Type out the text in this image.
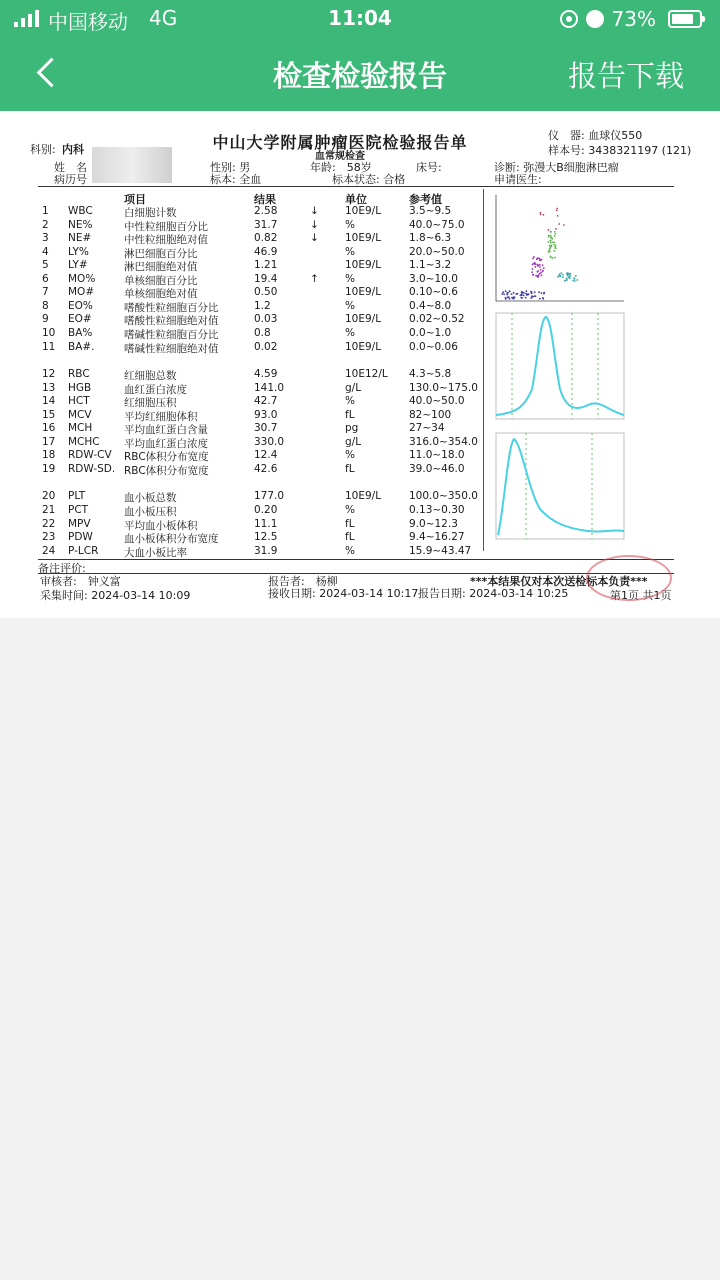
中国移动 4G	11:04	73%
检查检验报告	报告下载
中山大学附属肿瘤医院检验报告单
血常规检查
科别: 内科
姓　名
病历号
仪　器: 血球仪550
样本号: 3438321197 (121)
性别: 男	年龄:　58岁	床号:	诊断: 弥漫大B细胞淋巴瘤
标本: 全血	标本状态: 合格	申请医生:
项目	结果	单位	参考值
1 WBC	白细胞计数	2.58	↓ 10E9/L	3.5~9.5
2 NE%	中性粒细胞百分比	31.7	↓ %	40.0~75.0
3 NE#	中性粒细胞绝对值	0.82	↓ 10E9/L	1.8~6.3
4 LY%	淋巴细胞百分比	46.9	%	20.0~50.0
5 LY#	淋巴细胞绝对值	1.21	10E9/L	1.1~3.2
6 MO%	单核细胞百分比	19.4	↑ %	3.0~10.0
7 MO#	单核细胞绝对值	0.50	10E9/L	0.10~0.6
8 EO%	嗜酸性粒细胞百分比	1.2	%	0.4~8.0
9 EO#	嗜酸性粒细胞绝对值	0.03	10E9/L	0.02~0.52
10 BA%	嗜碱性粒细胞百分比	0.8	%	0.0~1.0
11 BA#.	嗜碱性粒细胞绝对值	0.02	10E9/L	0.0~0.06
12 RBC	红细胞总数	4.59	10E12/L 4.3~5.8
13 HGB	血红蛋白浓度	141.0	g/L	130.0~175.0
14 HCT	红细胞压积	42.7	%	40.0~50.0
15 MCV	平均红细胞体积	93.0	fL	82~100
16 MCH	平均血红蛋白含量	30.7	pg	27~34
17 MCHC 平均血红蛋白浓度	330.0	g/L	316.0~354.0
18 RDW-CV RBC体积分布宽度	12.4	%	11.0~18.0
19 RDW-SD. RBC体积分布宽度	42.6	fL	39.0~46.0
20 PLT	血小板总数	177.0	10E9/L	100.0~350.0
21 PCT	血小板压积	0.20	%	0.13~0.30
22 MPV	平均血小板体积	11.1	fL	9.0~12.3
23 PDW	血小板体积分布宽度	12.5	fL	9.4~16.27
24 P-LCR 大血小板比率	31.9	%	15.9~43.47
备注评价:
审核者:　钟义富	报告者:　杨柳	***本结果仅对本次送检标本负责***
采集时间: 2024-03-14 10:09	接收日期: 2024-03-14 10:17 报告日期: 2024-03-14 10:25	第1页 共1页
